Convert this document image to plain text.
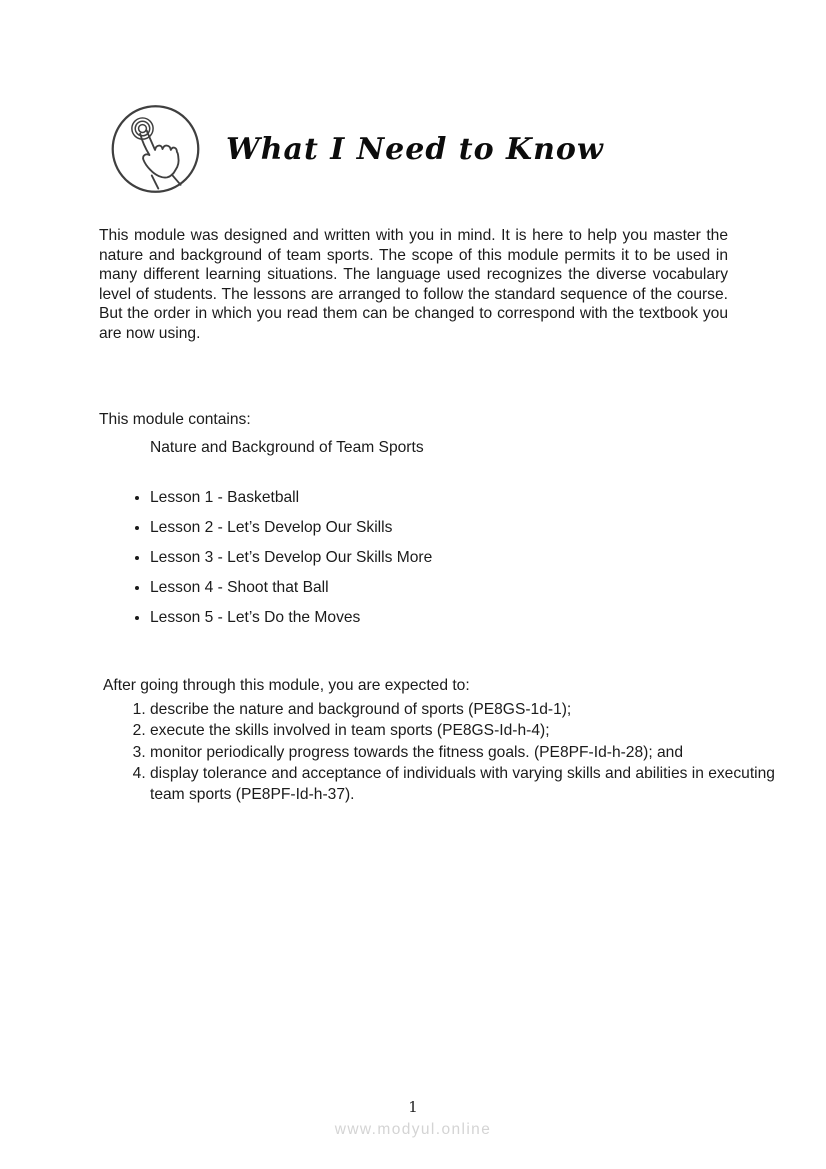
What I Need to Know

This module was designed and written with you in mind. It is here to help you master the nature and background of team sports. The scope of this module permits it to be used in many different learning situations. The language used recognizes the diverse vocabulary level of students. The lessons are arranged to follow the standard sequence of the course. But the order in which you read them can be changed to correspond with the textbook you are now using.

This module contains:

Nature and Background of Team Sports

• Lesson 1 - Basketball
• Lesson 2 - Let’s Develop Our Skills
• Lesson 3 - Let’s Develop Our Skills More
• Lesson 4 - Shoot that Ball
• Lesson 5 - Let’s Do the Moves

After going through this module, you are expected to:

1. describe the nature and background of sports (PE8GS-1d-1);
2. execute the skills involved in team sports (PE8GS-Id-h-4);
3. monitor periodically progress towards the fitness goals. (PE8PF-Id-h-28); and
4. display tolerance and acceptance of individuals with varying skills and abilities in executing team sports (PE8PF-Id-h-37).
1
www.modyul.online
